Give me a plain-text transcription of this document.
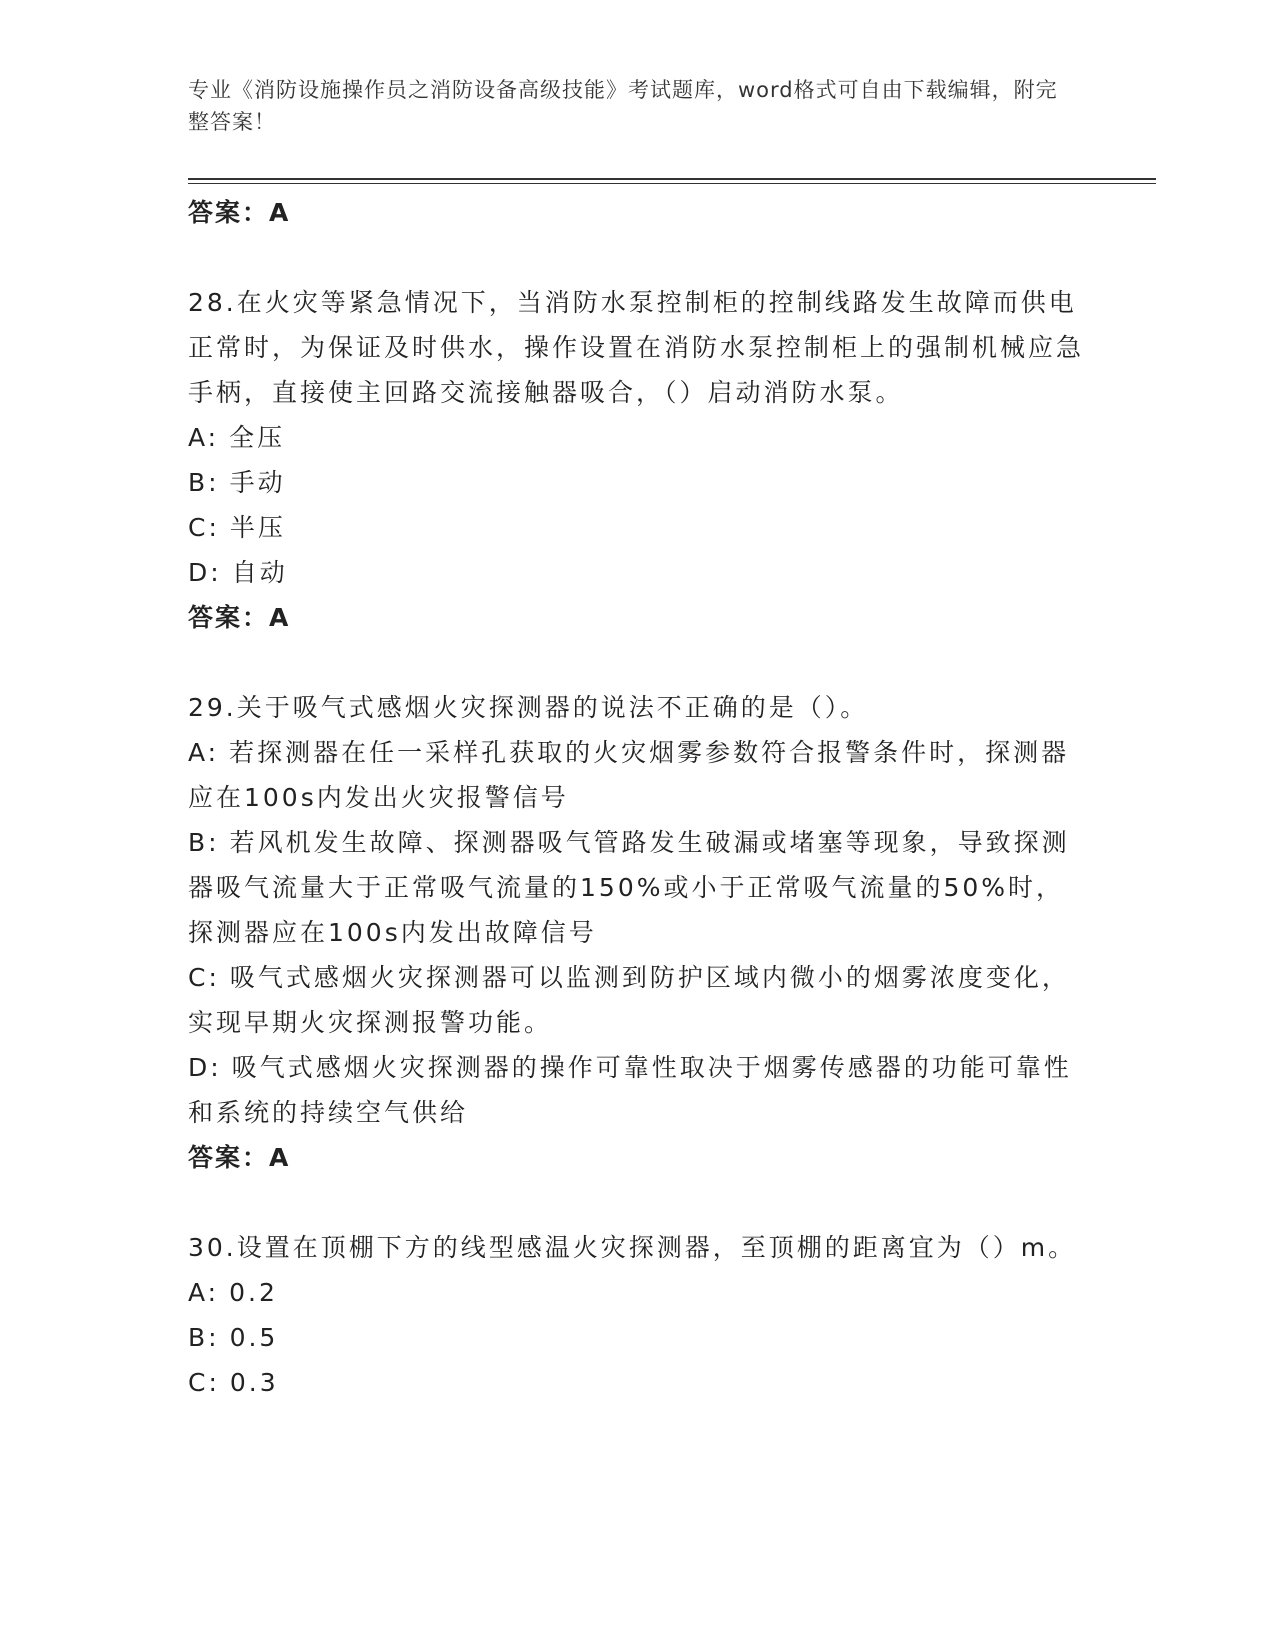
专业《消防设施操作员之消防设备高级技能》考试题库，word格式可自由下载编辑，附完整答案！
答案：A
28.在火灾等紧急情况下，当消防水泵控制柜的控制线路发生故障而供电正常时，为保证及时供水，操作设置在消防水泵控制柜上的强制机械应急手柄，直接使主回路交流接触器吸合，（）启动消防水泵。
A: 全压
B: 手动
C: 半压
D: 自动
答案：A
29.关于吸气式感烟火灾探测器的说法不正确的是（）。
A: 若探测器在任一采样孔获取的火灾烟雾参数符合报警条件时，探测器应在100s内发出火灾报警信号
B: 若风机发生故障、探测器吸气管路发生破漏或堵塞等现象，导致探测器吸气流量大于正常吸气流量的150%或小于正常吸气流量的50%时，探测器应在100s内发出故障信号
C: 吸气式感烟火灾探测器可以监测到防护区域内微小的烟雾浓度变化，实现早期火灾探测报警功能。
D: 吸气式感烟火灾探测器的操作可靠性取决于烟雾传感器的功能可靠性和系统的持续空气供给
答案：A
30.设置在顶棚下方的线型感温火灾探测器，至顶棚的距离宜为（）m。
A: 0.2
B: 0.5
C: 0.3
